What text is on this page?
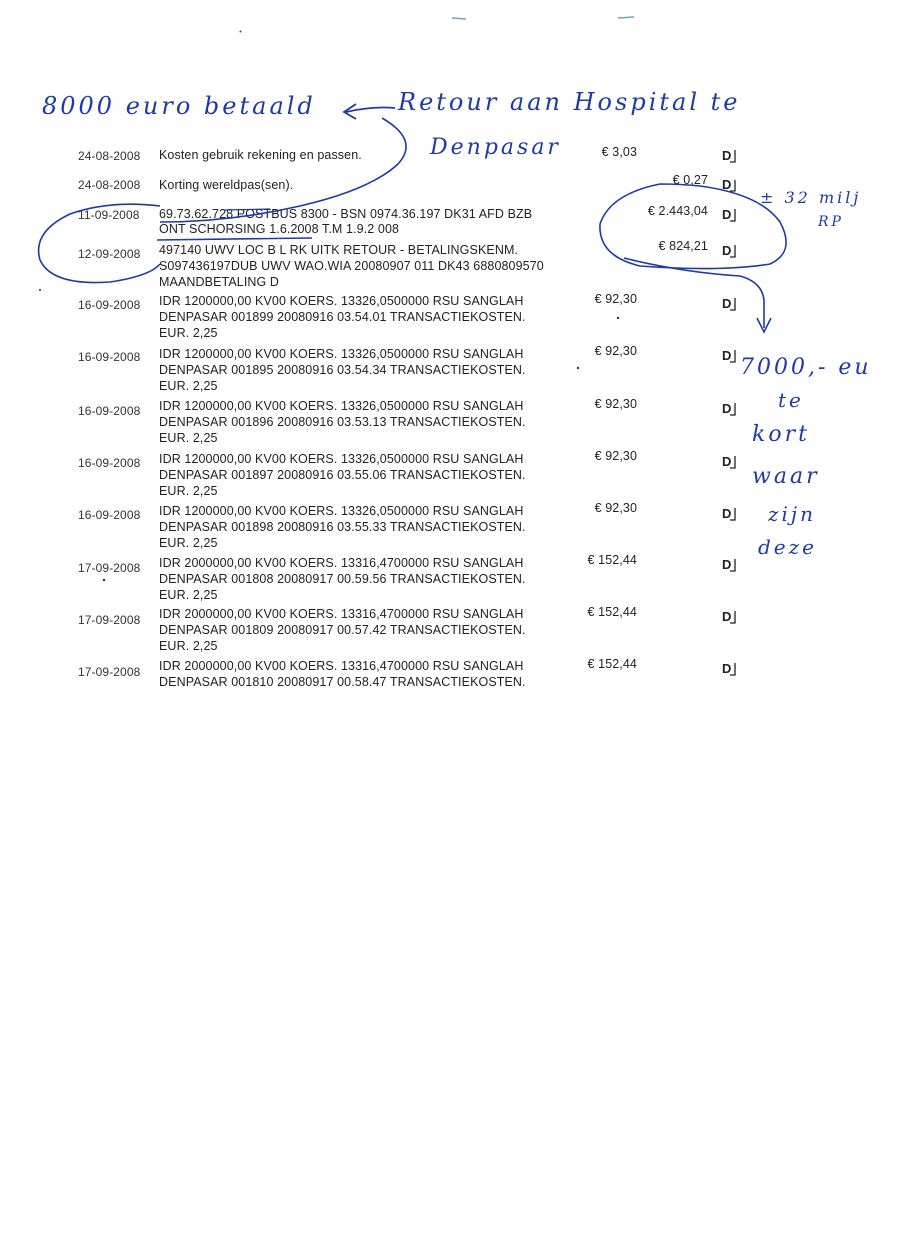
8000 euro betaald	Retour aan Hospital te
Denpasar
± 32 milj
RP
7000,- eu
te
kort
waar
zijn
deze
24-08-2008	Kosten gebruik rekening en passen.	€ 3,03	D
24-08-2008	Korting wereldpas(sen).	€ 0,27 D
11-09-2008	69.73.62.728 POSTBUS 8300 - BSN 0974.36.197 DK31 AFD BZB
ONT SCHORSING 1.6.2008 T.M 1.9.2 008
€ 2.443,04 D
12-09-2008	497140 UWV LOC B L RK UITK RETOUR - BETALINGSKENM.
S097436197DUB UWV WAO.WIA 20080907 011 DK43 6880809570
MAANDBETALING D
€ 824,21 D
16-09-2008	IDR 1200000,00 KV00 KOERS. 13326,0500000 RSU SANGLAH
DENPASAR 001899 20080916 03.54.01 TRANSACTIEKOSTEN.
EUR. 2,25
€ 92,30	D
16-09-2008	IDR 1200000,00 KV00 KOERS. 13326,0500000 RSU SANGLAH
DENPASAR 001895 20080916 03.54.34 TRANSACTIEKOSTEN.
EUR. 2,25
€ 92,30	D
16-09-2008	IDR 1200000,00 KV00 KOERS. 13326,0500000 RSU SANGLAH
DENPASAR 001896 20080916 03.53.13 TRANSACTIEKOSTEN.
EUR. 2,25
€ 92,30	D
16-09-2008	IDR 1200000,00 KV00 KOERS. 13326,0500000 RSU SANGLAH
DENPASAR 001897 20080916 03.55.06 TRANSACTIEKOSTEN.
EUR. 2,25
€ 92,30	D
16-09-2008	IDR 1200000,00 KV00 KOERS. 13326,0500000 RSU SANGLAH
DENPASAR 001898 20080916 03.55.33 TRANSACTIEKOSTEN.
EUR. 2,25
€ 92,30	D
17-09-2008	IDR 2000000,00 KV00 KOERS. 13316,4700000 RSU SANGLAH
DENPASAR 001808 20080917 00.59.56 TRANSACTIEKOSTEN.
EUR. 2,25
€ 152,44	D
17-09-2008	IDR 2000000,00 KV00 KOERS. 13316,4700000 RSU SANGLAH
DENPASAR 001809 20080917 00.57.42 TRANSACTIEKOSTEN.
EUR. 2,25
€ 152,44	D
17-09-2008	IDR 2000000,00 KV00 KOERS. 13316,4700000 RSU SANGLAH
DENPASAR 001810 20080917 00.58.47 TRANSACTIEKOSTEN.
€ 152,44	D
